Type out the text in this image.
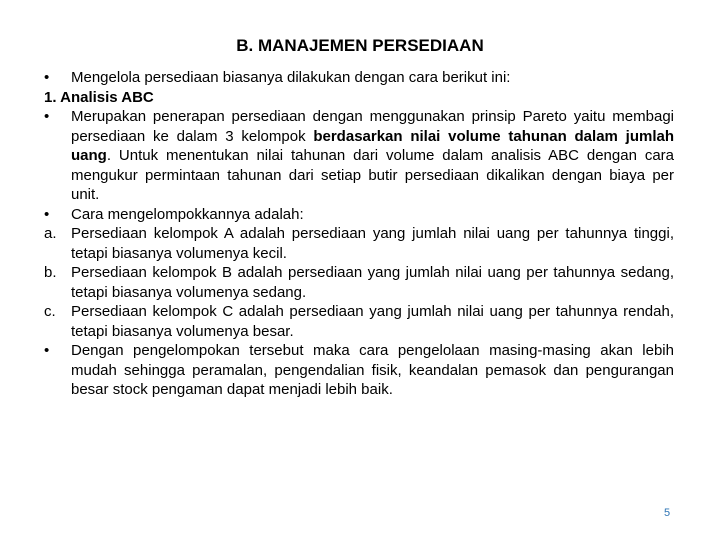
B. MANAJEMEN PERSEDIAAN
• Mengelola persediaan biasanya dilakukan dengan cara berikut ini:
1. Analisis ABC
• Merupakan penerapan persediaan dengan menggunakan prinsip Pareto yaitu membagi persediaan ke dalam 3 kelompok berdasarkan nilai volume tahunan dalam jumlah uang. Untuk menentukan nilai tahunan dari volume dalam analisis ABC dengan cara mengukur permintaan tahunan dari setiap butir persediaan dikalikan dengan biaya per unit.
• Cara mengelompokkannya adalah:
a. Persediaan kelompok A adalah persediaan yang jumlah nilai uang per tahunnya tinggi, tetapi biasanya volumenya kecil.
b. Persediaan kelompok B adalah persediaan yang jumlah nilai uang per tahunnya sedang, tetapi biasanya volumenya sedang.
c. Persediaan kelompok C adalah persediaan yang jumlah nilai uang per tahunnya rendah, tetapi biasanya volumenya besar.
• Dengan pengelompokan tersebut maka cara pengelolaan masing-masing akan lebih mudah sehingga peramalan, pengendalian fisik, keandalan pemasok dan pengurangan besar stock pengaman dapat menjadi lebih baik.
5
